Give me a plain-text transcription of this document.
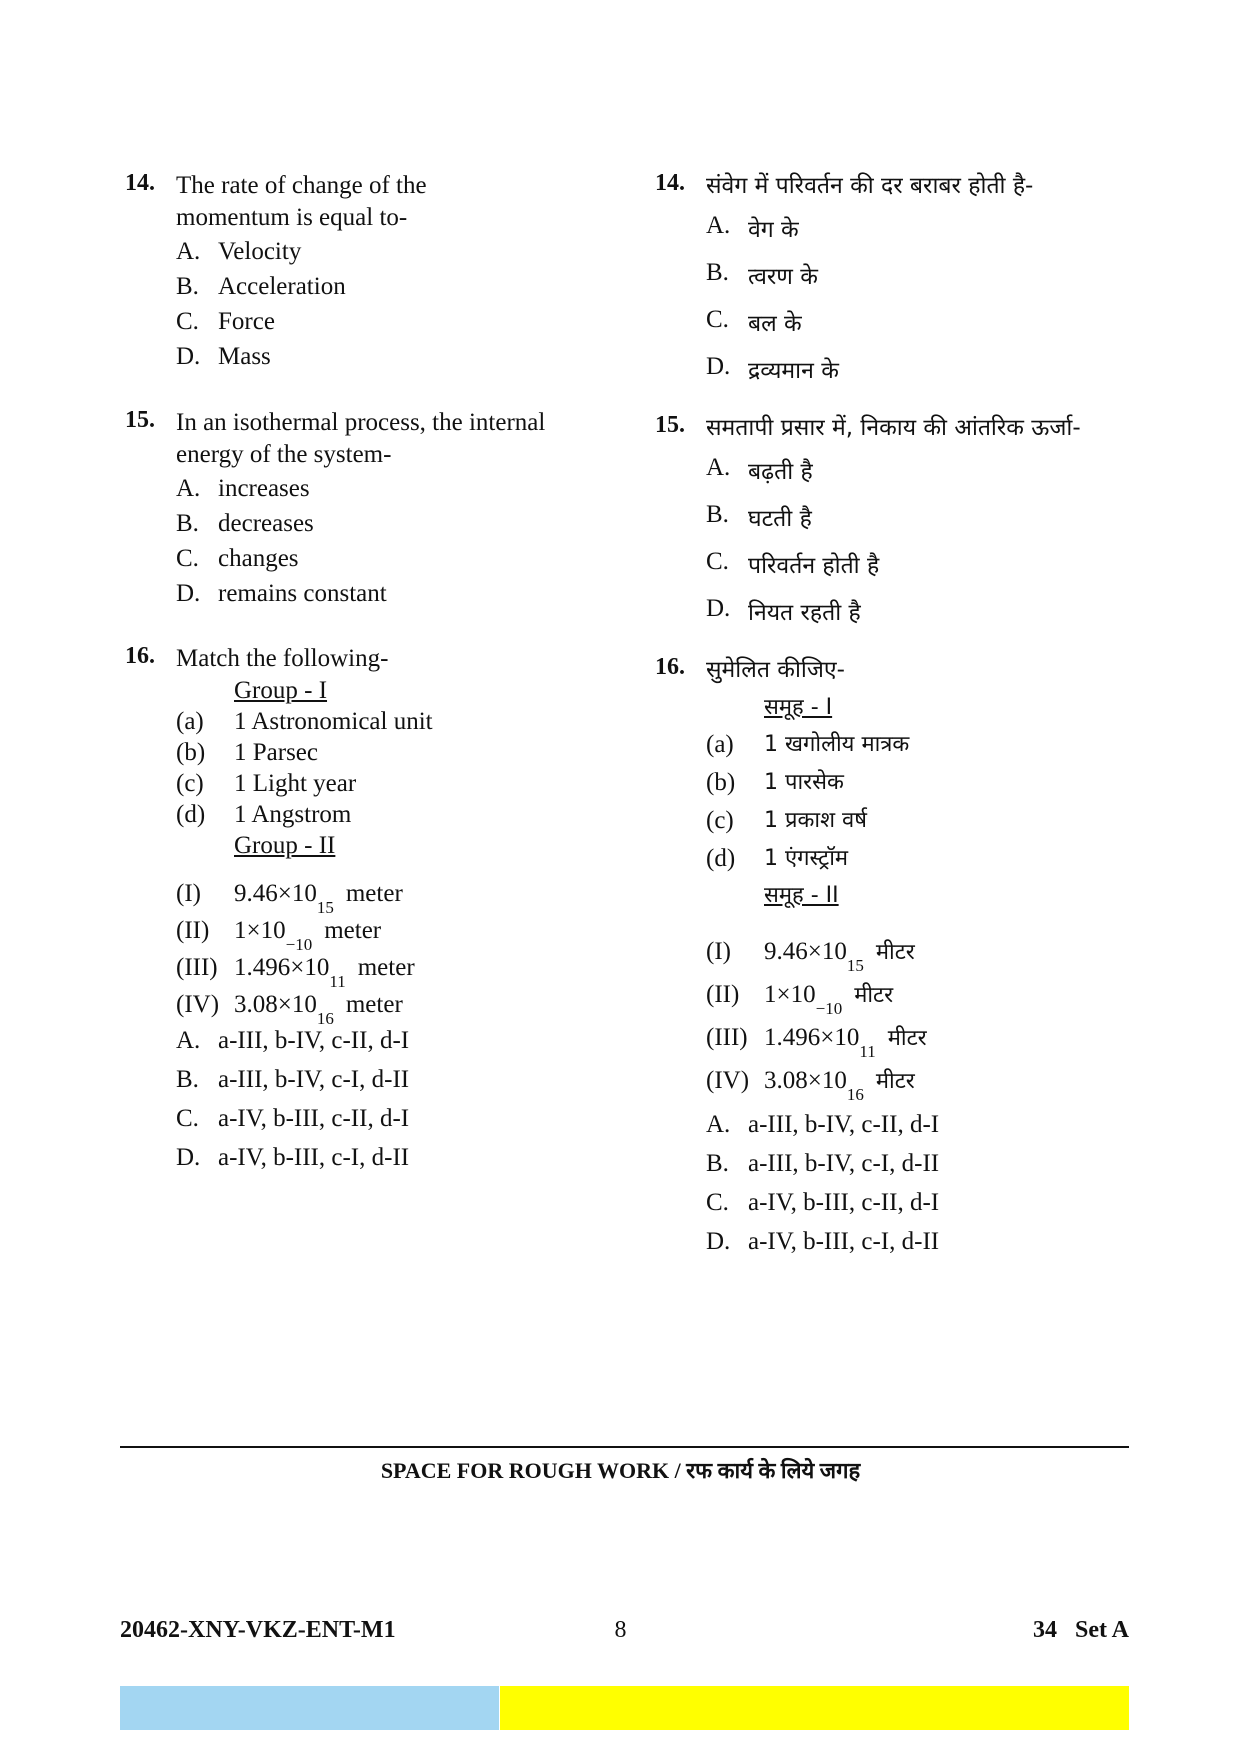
14. The rate of change of the momentum is equal to-
A. Velocity
B. Acceleration
C. Force
D. Mass
15. In an isothermal process, the internal energy of the system-
A. increases
B. decreases
C. changes
D. remains constant
16. Match the following-
Group - I
(a)	1 Astronomical unit
(b)	1 Parsec
(c)	1 Light year
(d)	1 Angstrom
Group - II
(I)	9.46×10
15
meter
(II) 1×10
−10
meter
(III) 1.496×10
11
meter
(IV) 3.08×10
16
meter
A. a-III, b-IV, c-II, d-I
B. a-III, b-IV, c-I, d-II
C. a-IV, b-III, c-II, d-I
D. a-IV, b-III, c-I, d-II
14. संवेग में परिवर्तन की दर बराबर होती है-
A. वेग के
B. त्वरण के
C. बल के
D. द्रव्यमान के
15. समतापी प्रसार में, निकाय की आंतरिक ऊर्जा-
A. बढ़ती है
B. घटती है
C. परिवर्तन होती है
D. नियत रहती है
16. सुमेलित कीजिए-
समूह - I
(a)	1 खगोलीय मात्रक
(b)	1 पारसेक
(c)	1 प्रकाश वर्ष
(d)	1 एंगस्ट्रॉम
समूह - II
(I)	9.46×10
15
मीटर
(II) 1×10
−10
मीटर
(III) 1.496×10
11
मीटर
(IV) 3.08×10
16
मीटर
A. a-III, b-IV, c-II, d-I
B. a-III, b-IV, c-I, d-II
C. a-IV, b-III, c-II, d-I
D. a-IV, b-III, c-I, d-II
SPACE FOR ROUGH WORK / रफ कार्य के लिये जगह
20462-XNY-VKZ-ENT-M1	8	34   Set A
